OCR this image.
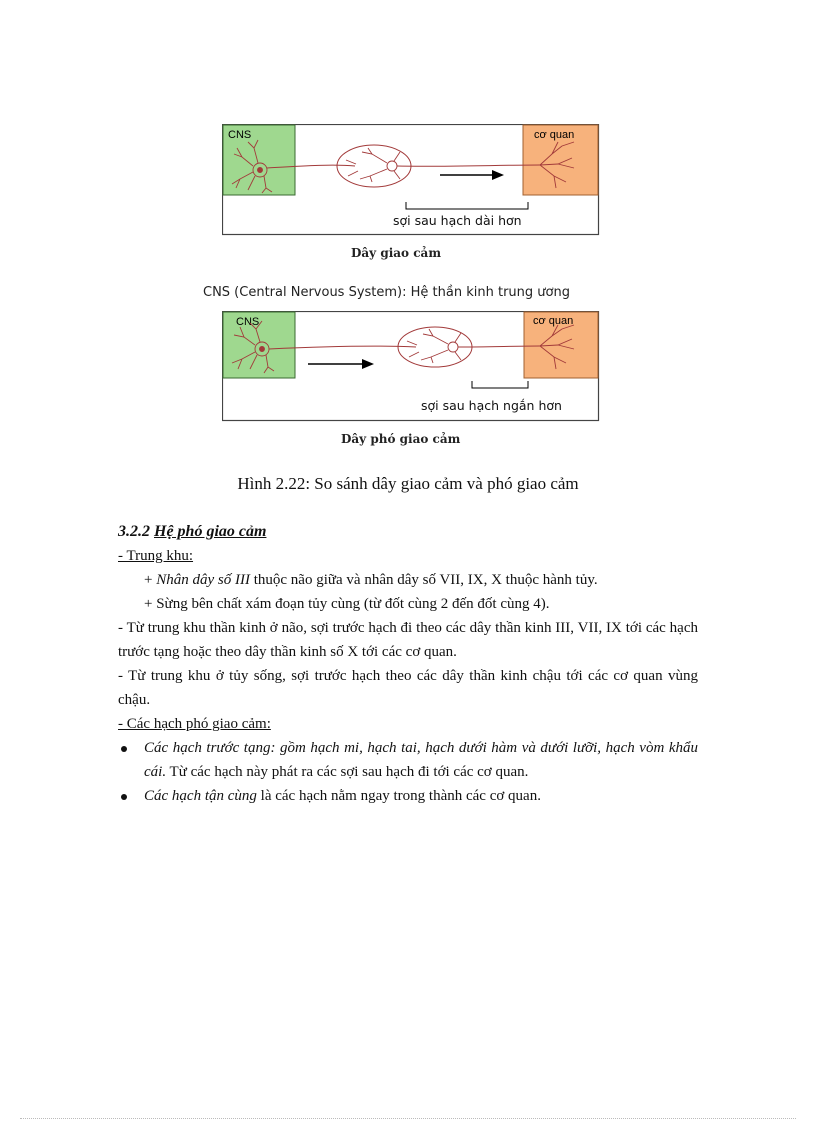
CNS	cơ quan
sợi sau hạch dài hơn
Dây giao cảm
CNS (Central Nervous System): Hệ thần kinh trung ương
CNS	cơ quan
sợi sau hạch ngắn hơn
Dây phó giao cảm
Hình 2.22: So sánh dây giao cảm và phó giao cảm

3.2.2 Hệ phó giao cảm

- Trung khu:

+ Nhân dây số III thuộc não giữa và nhân dây số VII, IX, X thuộc hành tủy.

+ Sừng bên chất xám đoạn tủy cùng (từ đốt cùng 2 đến đốt cùng 4).

- Từ trung khu thần kinh ở não, sợi trước hạch đi theo các dây thần kinh III, VII, IX tới các hạch trước tạng hoặc theo dây thần kinh số X tới các cơ quan.

- Từ trung khu ở tủy sống, sợi trước hạch theo các dây thần kinh chậu tới các cơ quan vùng chậu.

- Các hạch phó giao cảm:

Các hạch trước tạng: gồm hạch mi, hạch tai, hạch dưới hàm và dưới lưỡi, hạch vòm khẩu cái. Từ các hạch này phát ra các sợi sau hạch đi tới các cơ quan.

Các hạch tận cùng là các hạch nằm ngay trong thành các cơ quan.
